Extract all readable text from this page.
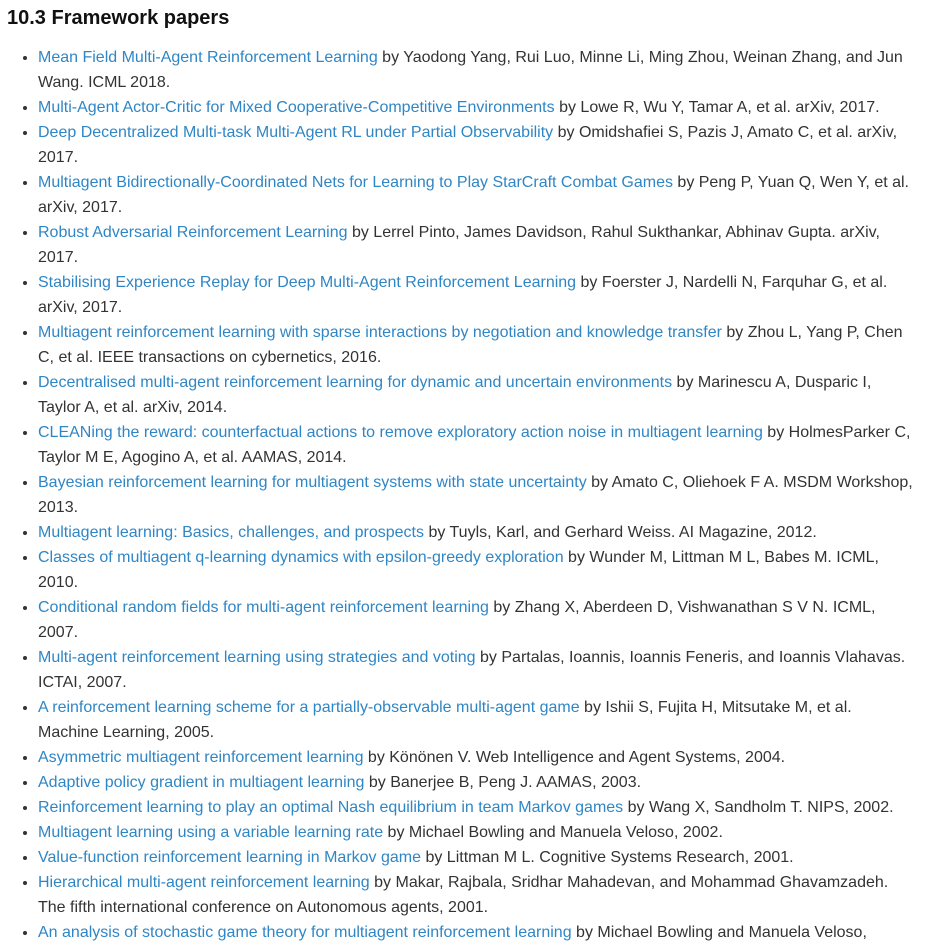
10.3 Framework papers
• Mean Field Multi-Agent Reinforcement Learning by Yaodong Yang, Rui Luo, Minne Li, Ming Zhou, Weinan Zhang, and Jun Wang. ICML 2018.
• Multi-Agent Actor-Critic for Mixed Cooperative-Competitive Environments by Lowe R, Wu Y, Tamar A, et al. arXiv, 2017.
• Deep Decentralized Multi-task Multi-Agent RL under Partial Observability by Omidshafiei S, Pazis J, Amato C, et al. arXiv, 2017.
• Multiagent Bidirectionally-Coordinated Nets for Learning to Play StarCraft Combat Games by Peng P, Yuan Q, Wen Y, et al. arXiv, 2017.
• Robust Adversarial Reinforcement Learning by Lerrel Pinto, James Davidson, Rahul Sukthankar, Abhinav Gupta. arXiv, 2017.
• Stabilising Experience Replay for Deep Multi-Agent Reinforcement Learning by Foerster J, Nardelli N, Farquhar G, et al. arXiv, 2017.
• Multiagent reinforcement learning with sparse interactions by negotiation and knowledge transfer by Zhou L, Yang P, Chen C, et al. IEEE transactions on cybernetics, 2016.
• Decentralised multi-agent reinforcement learning for dynamic and uncertain environments by Marinescu A, Dusparic I, Taylor A, et al. arXiv, 2014.
• CLEANing the reward: counterfactual actions to remove exploratory action noise in multiagent learning by HolmesParker C, Taylor M E, Agogino A, et al. AAMAS, 2014.
• Bayesian reinforcement learning for multiagent systems with state uncertainty by Amato C, Oliehoek F A. MSDM Workshop, 2013.
• Multiagent learning: Basics, challenges, and prospects by Tuyls, Karl, and Gerhard Weiss. AI Magazine, 2012.
• Classes of multiagent q-learning dynamics with epsilon-greedy exploration by Wunder M, Littman M L, Babes M. ICML, 2010.
• Conditional random fields for multi-agent reinforcement learning by Zhang X, Aberdeen D, Vishwanathan S V N. ICML, 2007.
• Multi-agent reinforcement learning using strategies and voting by Partalas, Ioannis, Ioannis Feneris, and Ioannis Vlahavas. ICTAI, 2007.
• A reinforcement learning scheme for a partially-observable multi-agent game by Ishii S, Fujita H, Mitsutake M, et al. Machine Learning, 2005.
• Asymmetric multiagent reinforcement learning by Könönen V. Web Intelligence and Agent Systems, 2004.
• Adaptive policy gradient in multiagent learning by Banerjee B, Peng J. AAMAS, 2003.
• Reinforcement learning to play an optimal Nash equilibrium in team Markov games by Wang X, Sandholm T. NIPS, 2002.
• Multiagent learning using a variable learning rate by Michael Bowling and Manuela Veloso, 2002.
• Value-function reinforcement learning in Markov game by Littman M L. Cognitive Systems Research, 2001.
• Hierarchical multi-agent reinforcement learning by Makar, Rajbala, Sridhar Mahadevan, and Mohammad Ghavamzadeh. The fifth international conference on Autonomous agents, 2001.
• An analysis of stochastic game theory for multiagent reinforcement learning by Michael Bowling and Manuela Veloso,
